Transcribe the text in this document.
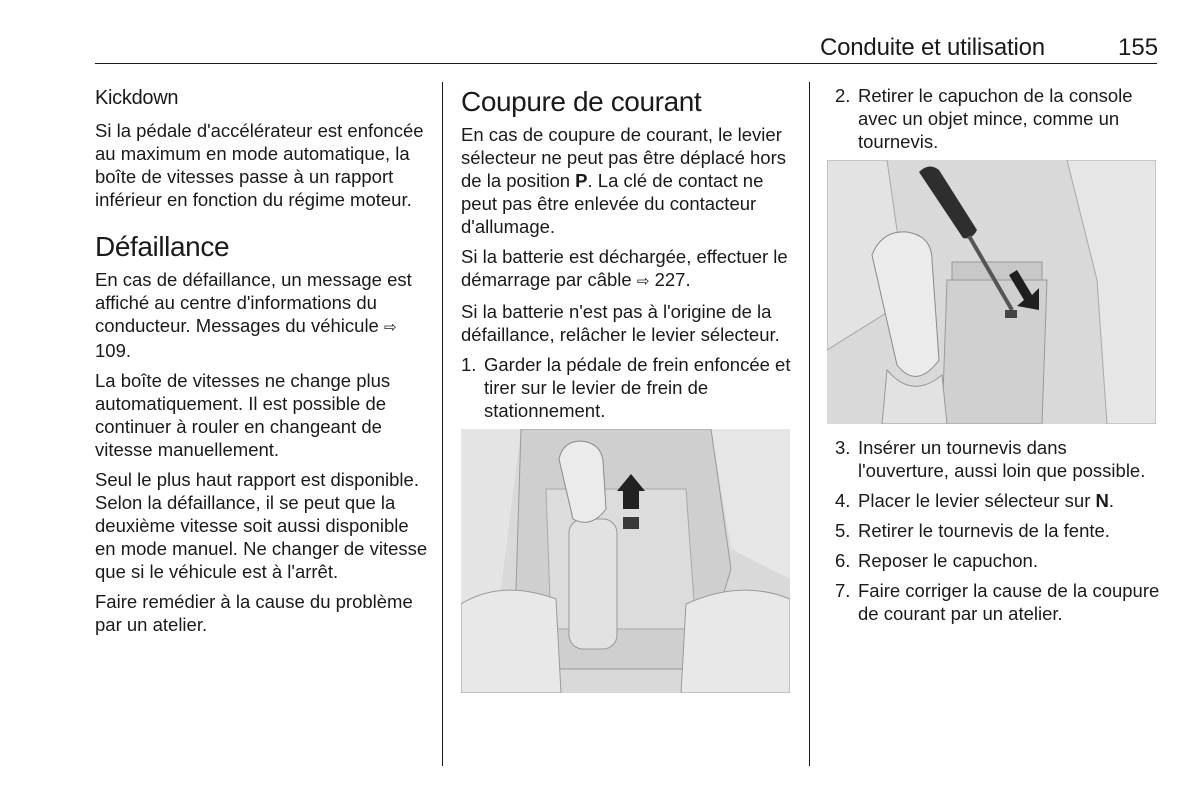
Conduite et utilisation	155
Kickdown

Si la pédale d'accélérateur est enfoncée au maximum en mode automatique, la boîte de vitesses passe à un rapport inférieur en fonction du régime moteur.

Défaillance

En cas de défaillance, un message est affiché au centre d'informations du conducteur. Messages du véhicule ⇨ 109.

La boîte de vitesses ne change plus automatiquement. Il est possible de continuer à rouler en changeant de vitesse manuellement.

Seul le plus haut rapport est disponible. Selon la défaillance, il se peut que la deuxième vitesse soit aussi disponible en mode manuel. Ne changer de vitesse que si le véhicule est à l'arrêt.

Faire remédier à la cause du problème par un atelier.

Coupure de courant

En cas de coupure de courant, le levier sélecteur ne peut pas être déplacé hors de la position P. La clé de contact ne peut pas être enlevée du contacteur d'allumage.

Si la batterie est déchargée, effectuer le démarrage par câble ⇨ 227.

Si la batterie n'est pas à l'origine de la défaillance, relâcher le levier sélecteur.

1. Garder la pédale de frein enfoncée et tirer sur le levier de frein de stationnement.
2. Retirer le capuchon de la console avec un objet mince, comme un tournevis.
3. Insérer un tournevis dans l'ouverture, aussi loin que possible.
4. Placer le levier sélecteur sur N.
5. Retirer le tournevis de la fente.
6. Reposer le capuchon.
7. Faire corriger la cause de la coupure de courant par un atelier.
